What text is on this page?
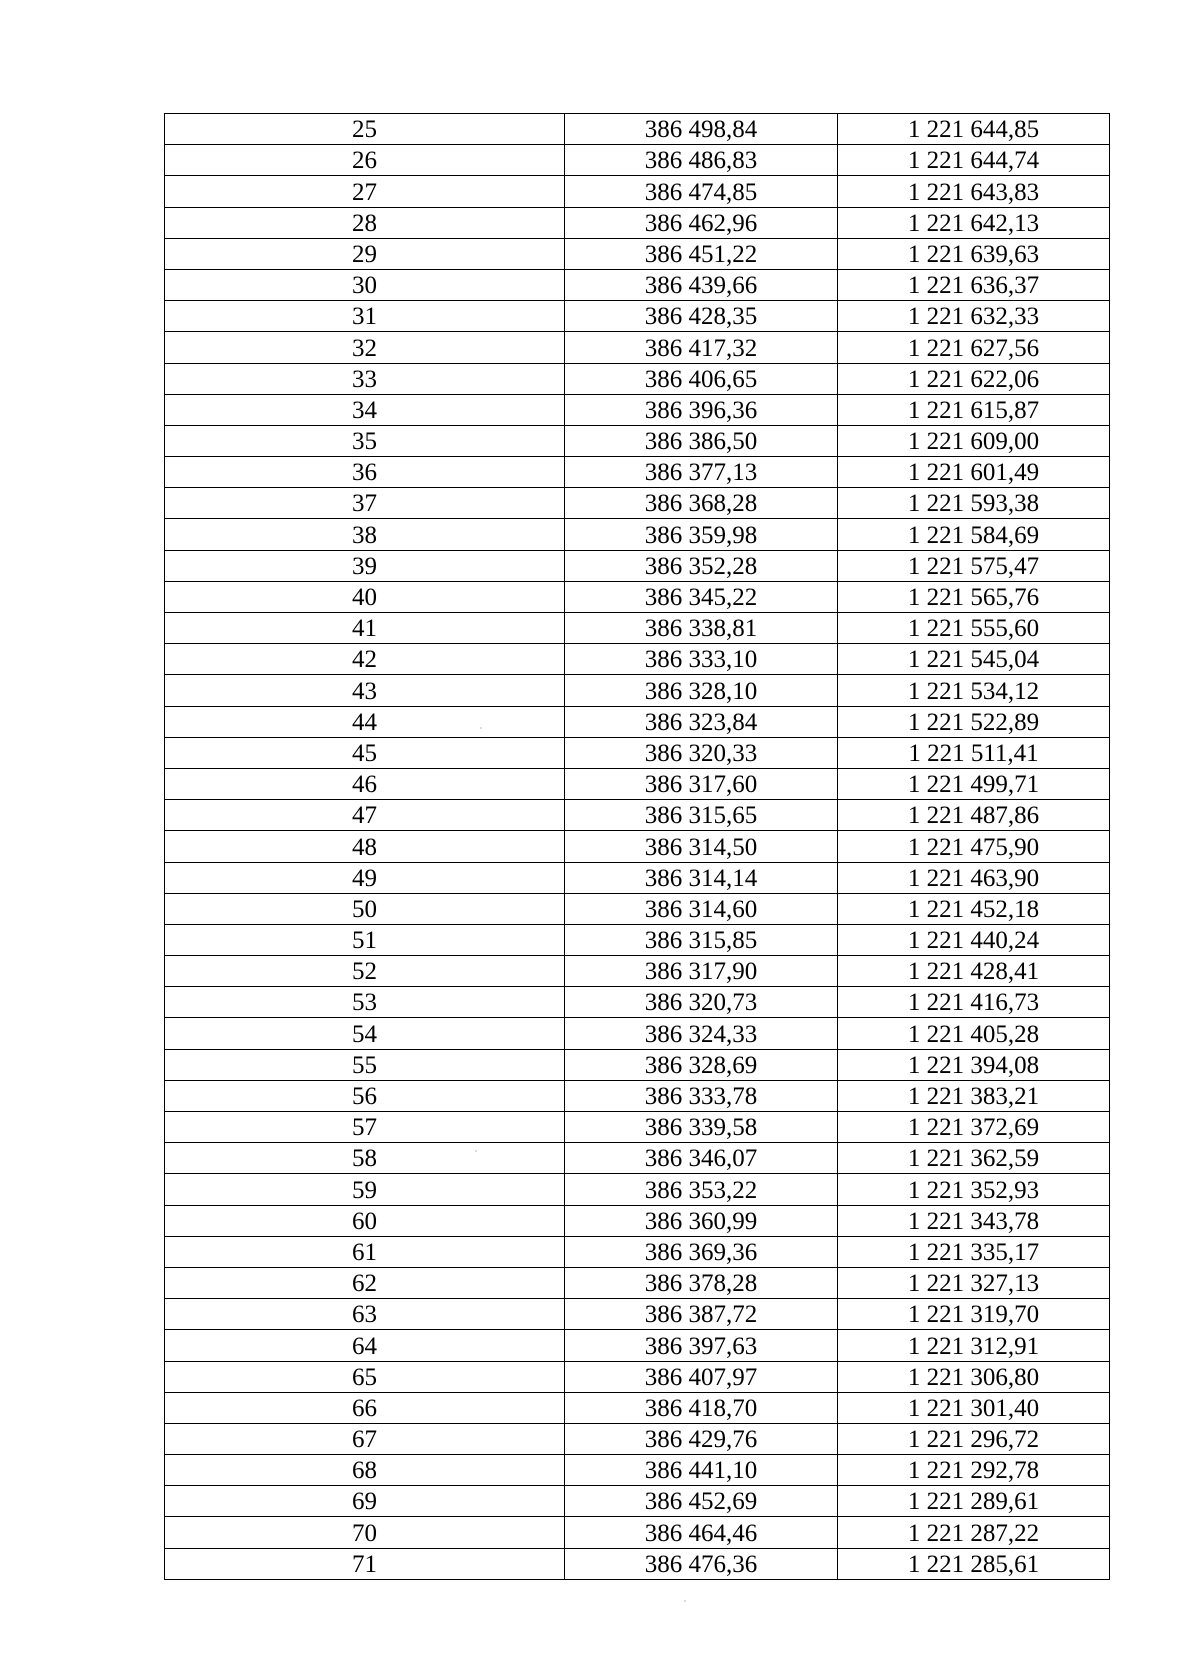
25	386 498,84	1 221 644,85
26	386 486,83	1 221 644,74
27	386 474,85	1 221 643,83
28	386 462,96	1 221 642,13
29	386 451,22	1 221 639,63
30	386 439,66	1 221 636,37
31	386 428,35	1 221 632,33
32	386 417,32	1 221 627,56
33	386 406,65	1 221 622,06
34	386 396,36	1 221 615,87
35	386 386,50	1 221 609,00
36	386 377,13	1 221 601,49
37	386 368,28	1 221 593,38
38	386 359,98	1 221 584,69
39	386 352,28	1 221 575,47
40	386 345,22	1 221 565,76
41	386 338,81	1 221 555,60
42	386 333,10	1 221 545,04
43	386 328,10	1 221 534,12
44	386 323,84	1 221 522,89
45	386 320,33	1 221 511,41
46	386 317,60	1 221 499,71
47	386 315,65	1 221 487,86
48	386 314,50	1 221 475,90
49	386 314,14	1 221 463,90
50	386 314,60	1 221 452,18
51	386 315,85	1 221 440,24
52	386 317,90	1 221 428,41
53	386 320,73	1 221 416,73
54	386 324,33	1 221 405,28
55	386 328,69	1 221 394,08
56	386 333,78	1 221 383,21
57	386 339,58	1 221 372,69
58	386 346,07	1 221 362,59
59	386 353,22	1 221 352,93
60	386 360,99	1 221 343,78
61	386 369,36	1 221 335,17
62	386 378,28	1 221 327,13
63	386 387,72	1 221 319,70
64	386 397,63	1 221 312,91
65	386 407,97	1 221 306,80
66	386 418,70	1 221 301,40
67	386 429,76	1 221 296,72
68	386 441,10	1 221 292,78
69	386 452,69	1 221 289,61
70	386 464,46	1 221 287,22
71	386 476,36	1 221 285,61
